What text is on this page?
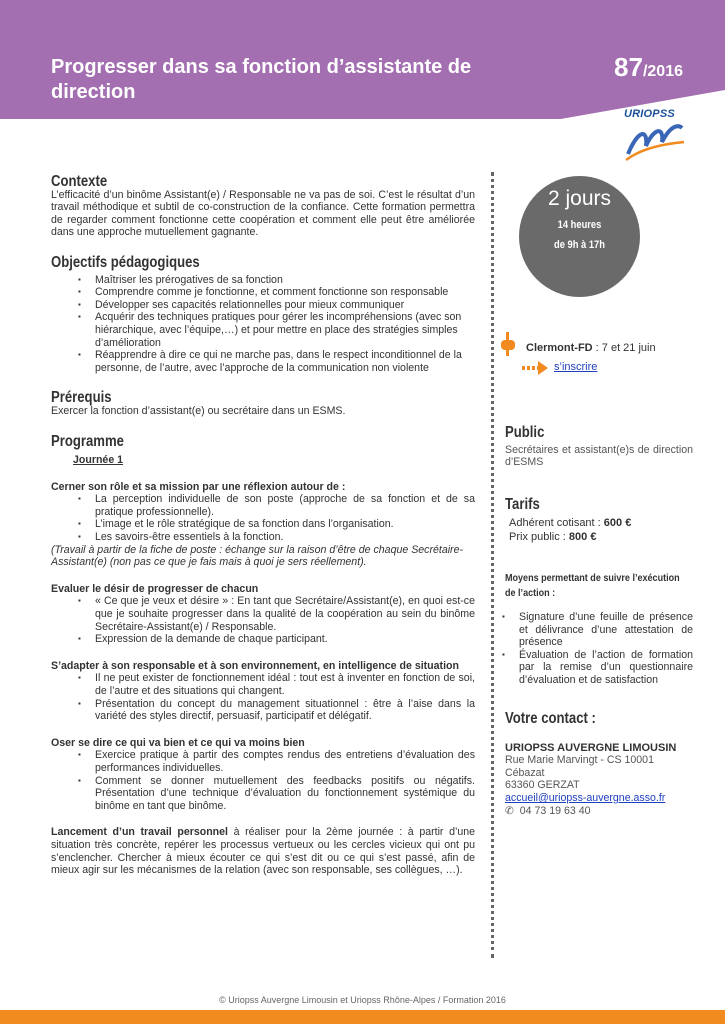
Progresser dans sa fonction d’assistante de direction
87/2016
URIOPSS
Contexte
L’efficacité d’un binôme Assistant(e) / Responsable ne va pas de soi. C’est le résultat d’un travail méthodique et subtil de co-construction de la confiance. Cette formation permettra de regarder comment fonctionne cette coopération et comment elle peut être améliorée dans une approche mutuellement gagnante.
Objectifs pédagogiques
▪ Maîtriser les prérogatives de sa fonction
▪ Comprendre comme je fonctionne, et comment fonctionne son responsable
▪ Développer ses capacités relationnelles pour mieux communiquer
▪ Acquérir des techniques pratiques pour gérer les incompréhensions (avec son hiérarchique, avec l’équipe,…) et pour mettre en place des stratégies simples d’amélioration
▪ Réapprendre à dire ce qui ne marche pas, dans le respect inconditionnel de la personne, de l’autre, avec l’approche de la communication non violente
Prérequis
Exercer la fonction d’assistant(e) ou secrétaire dans un ESMS.
Programme
Journée 1
Cerner son rôle et sa mission par une réflexion autour de :
▪ La perception individuelle de son poste (approche de sa fonction et de sa pratique professionnelle).
▪ L’image et le rôle stratégique de sa fonction dans l’organisation.
▪ Les savoirs-être essentiels à la fonction.
(Travail à partir de la fiche de poste : échange sur la raison d’être de chaque Secrétaire-Assistant(e) (non pas ce que je fais mais à quoi je sers réellement).
Evaluer le désir de progresser de chacun
▪ « Ce que je veux et désire » : En tant que Secrétaire/Assistant(e), en quoi est-ce que je souhaite progresser dans la qualité de la coopération au sein du binôme Secrétaire-Assistant(e) / Responsable.
▪ Expression de la demande de chaque participant.
S’adapter à son responsable et à son environnement, en intelligence de situation
▪ Il ne peut exister de fonctionnement idéal : tout est à inventer en fonction de soi, de l’autre et des situations qui changent.
▪ Présentation du concept du management situationnel : être à l’aise dans la variété des styles directif, persuasif, participatif et délégatif.
Oser se dire ce qui va bien et ce qui va moins bien
▪ Exercice pratique à partir des comptes rendus des entretiens d’évaluation des performances individuelles.
▪ Comment se donner mutuellement des feedbacks positifs ou négatifs. Présentation d’une technique d’évaluation du fonctionnement systémique du binôme en tant que binôme.
Lancement d’un travail personnel à réaliser pour la 2ème journée : à partir d’une situation très concrète, repérer les processus vertueux ou les cercles vicieux qui ont pu s’enclencher. Chercher à mieux écouter ce qui s’est dit ou ce qui s’est passé, afin de mieux agir sur les mécanismes de la relation (avec son responsable, ses collègues, …).
2 jours
14 heures
de 9h à 17h
Clermont-FD : 7 et 21 juin
s’inscrire
Public
Secrétaires et assistant(e)s de direction d’ESMS
Tarifs
Adhérent cotisant : 600 €
Prix public : 800 €
Moyens permettant de suivre l’exécution de l’action :
▪ Signature d’une feuille de présence et délivrance d’une attestation de présence
▪ Évaluation de l’action de formation par la remise d’un questionnaire d’évaluation et de satisfaction
Votre contact :
URIOPSS AUVERGNE LIMOUSIN
Rue Marie Marvingt - CS 10001 Cébazat
63360 GERZAT
accueil@uriopss-auvergne.asso.fr
✆ 04 73 19 63 40
© Uriopss Auvergne Limousin et Uriopss Rhône-Alpes / Formation 2016
